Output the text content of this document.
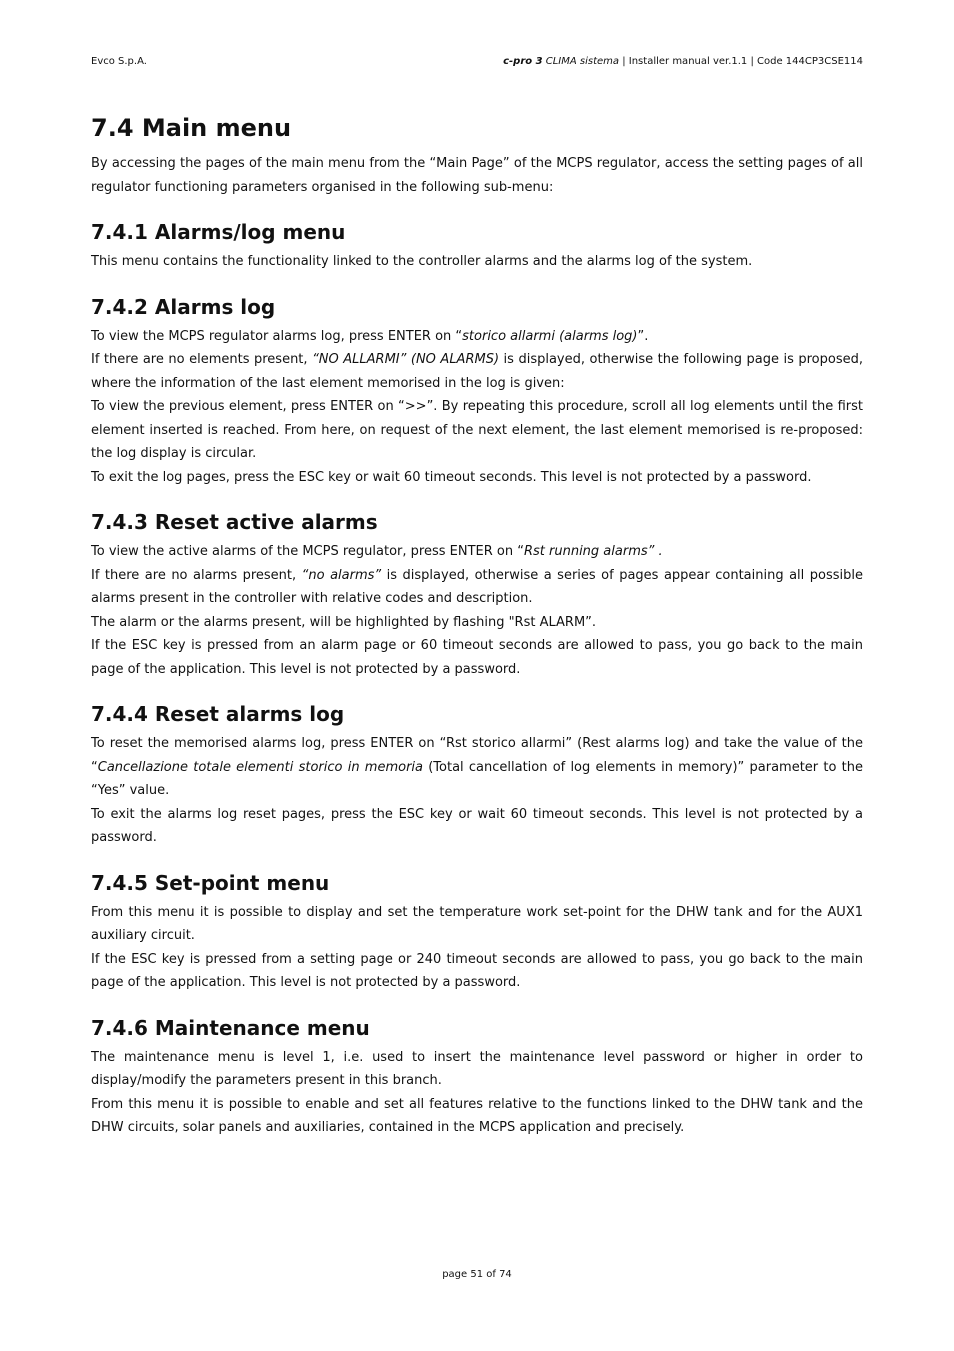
Evco S.p.A.	c-pro 3 CLIMA sistema | Installer manual ver.1.1 | Code 144CP3CSE114
7.4 Main menu

By accessing the pages of the main menu from the “Main Page” of the MCPS regulator, access the setting pages of all regulator functioning parameters organised in the following sub-menu:

7.4.1 Alarms/log menu

This menu contains the functionality linked to the controller alarms and the alarms log of the system.

7.4.2 Alarms log

To view the MCPS regulator alarms log, press ENTER on “storico allarmi (alarms log)”.

If there are no elements present, “NO ALLARMI” (NO ALARMS) is displayed, otherwise the following page is proposed, where the information of the last element memorised in the log is given:

To view the previous element, press ENTER on “>>”. By repeating this procedure, scroll all log elements until the first element inserted is reached. From here, on request of the next element, the last element memorised is re-proposed: the log display is circular.

To exit the log pages, press the ESC key or wait 60 timeout seconds. This level is not protected by a password.

7.4.3 Reset active alarms

To view the active alarms of the MCPS regulator, press ENTER on “Rst running alarms” .

If there are no alarms present, “no alarms” is displayed, otherwise a series of pages appear containing all possible alarms present in the controller with relative codes and description.

The alarm or the alarms present, will be highlighted by flashing "Rst ALARM”.

If the ESC key is pressed from an alarm page or 60 timeout seconds are allowed to pass, you go back to the main page of the application. This level is not protected by a password.

7.4.4 Reset alarms log

To reset the memorised alarms log, press ENTER on “Rst storico allarmi” (Rest alarms log) and take the value of the “Cancellazione totale elementi storico in memoria (Total cancellation of log elements in memory)” parameter to the “Yes” value.

To exit the alarms log reset pages, press the ESC key or wait 60 timeout seconds. This level is not protected by a password.

7.4.5 Set-point menu

From this menu it is possible to display and set the temperature work set-point for the DHW tank and for the AUX1 auxiliary circuit.

If the ESC key is pressed from a setting page or 240 timeout seconds are allowed to pass, you go back to the main page of the application. This level is not protected by a password.

7.4.6 Maintenance menu

The maintenance menu is level 1, i.e. used to insert the maintenance level password or higher in order to display/modify the parameters present in this branch.

From this menu it is possible to enable and set all features relative to the functions linked to the DHW tank and the DHW circuits, solar panels and auxiliaries, contained in the MCPS application and precisely.

page 51 of 74
